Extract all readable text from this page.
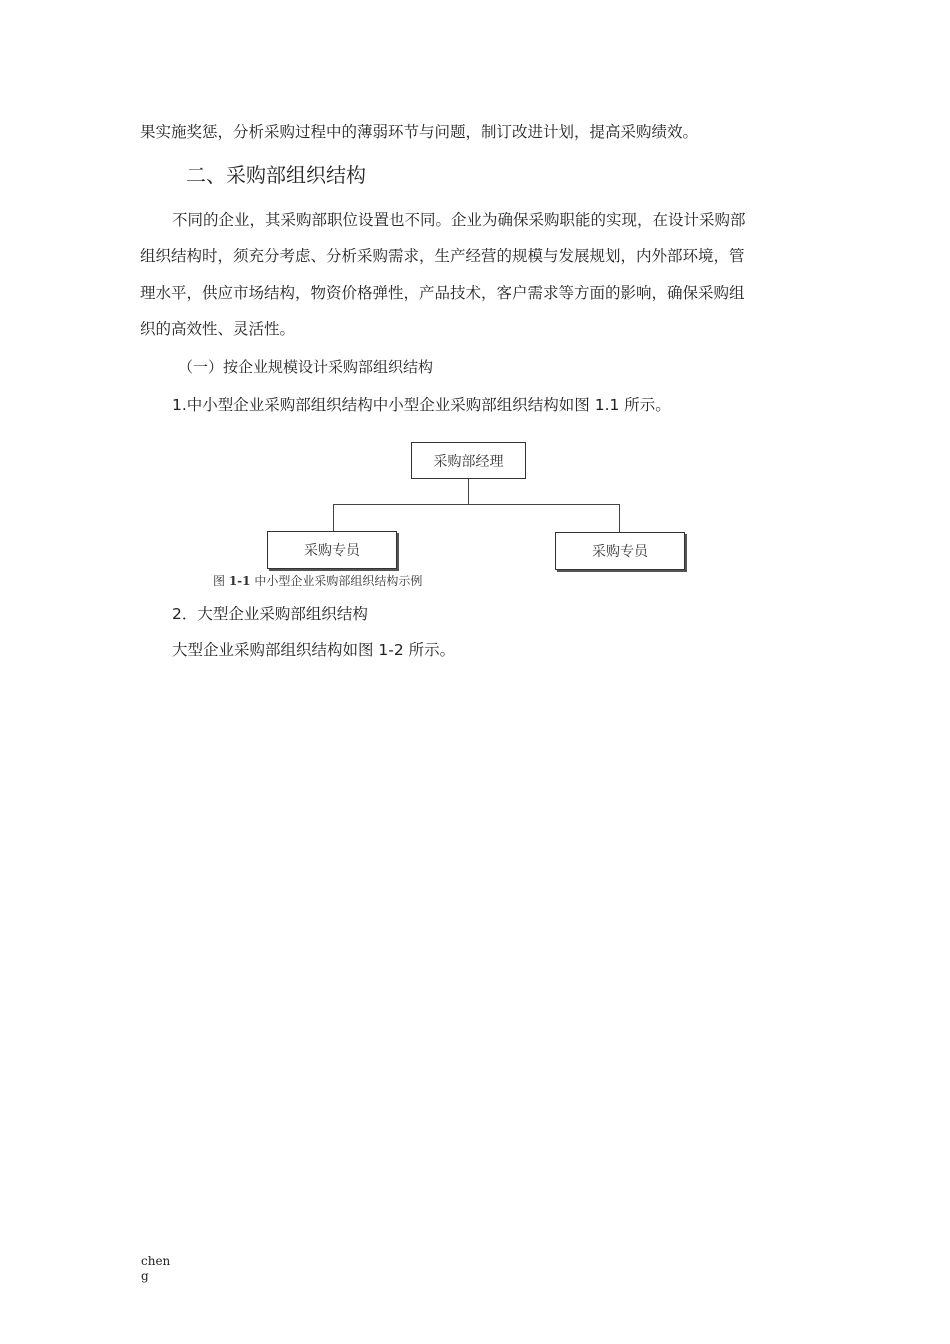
果实施奖惩，分析采购过程中的薄弱环节与问题，制订改进计划，提高采购绩效。

二、采购部组织结构

不同的企业，其采购部职位设置也不同。企业为确保采购职能的实现，在设计采购部

组织结构时，须充分考虑、分析采购需求，生产经营的规模与发展规划，内外部环境，管

理水平，供应市场结构，物资价格弹性，产品技术，客户需求等方面的影响，确保采购组

织的高效性、灵活性。

（一）按企业规模设计采购部组织结构

1.中小型企业采购部组织结构中小型企业采购部组织结构如图 1.1 所示。

采购部经理
采购专员	采购专员
图 1-1 中小型企业采购部组织结构示例

2．大型企业采购部组织结构

大型企业采购部组织结构如图 1-2 所示。

chen
g
